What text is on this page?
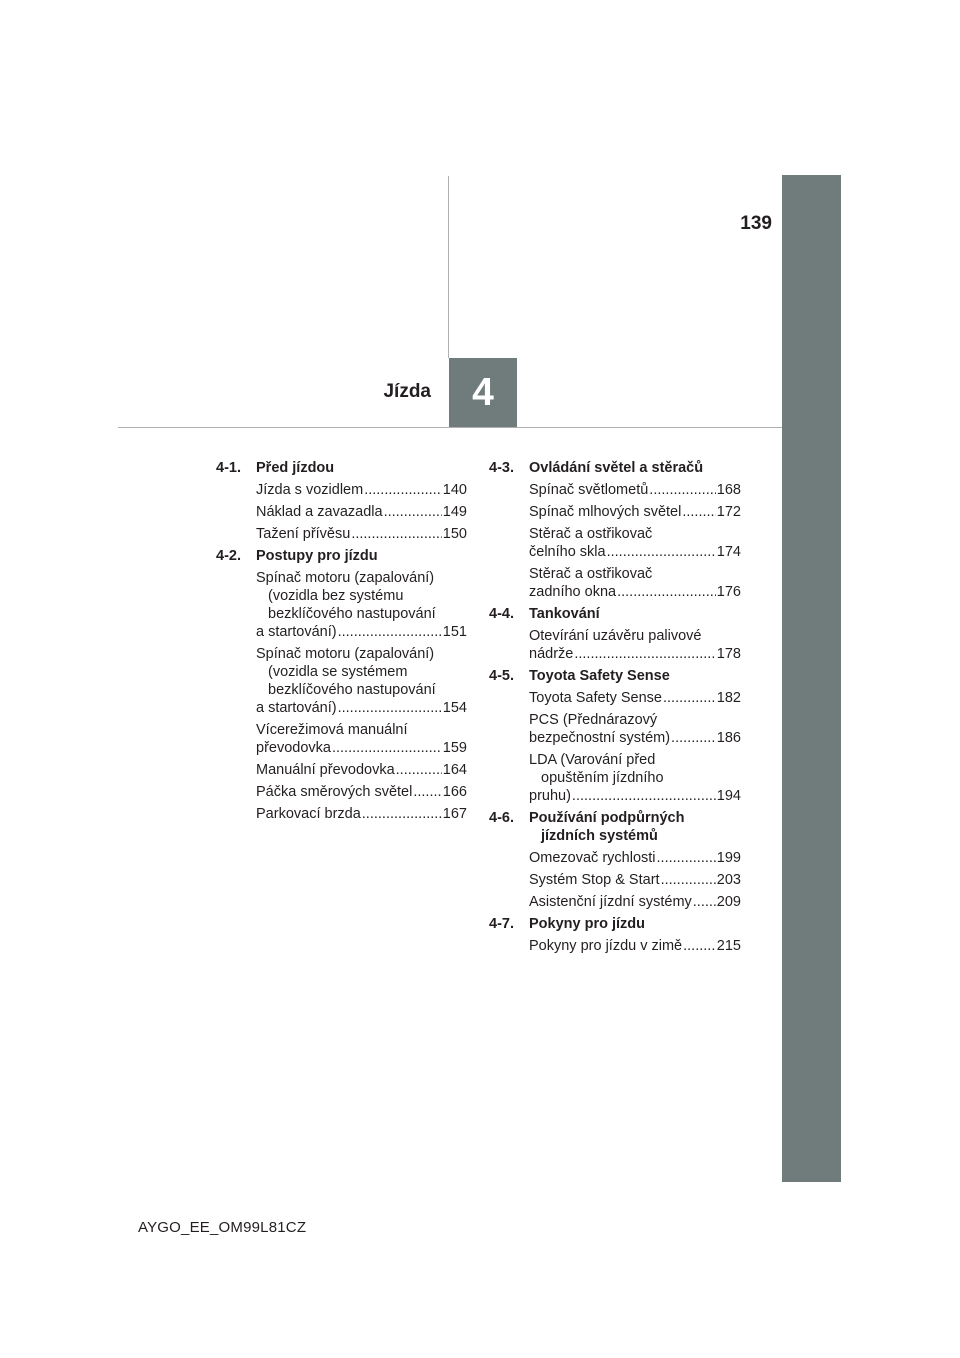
139
4
Jízda
4-1.	Před jízdou
Jízda s vozidlem .....	140
Náklad a zavazadla .....	149
Tažení přívěsu .....	150
4-2.	Postupy pro jízdu
Spínač motoru (zapalování)
(vozidla bez systému
bezklíčového nastupování
a startování) .....	151
Spínač motoru (zapalování)
(vozidla se systémem
bezklíčového nastupování
a startování) .....	154
Vícerežimová manuální
převodovka .....	159
Manuální převodovka .....	164
Páčka směrových světel ..... 166
Parkovací brzda .....	167
4-3.	Ovládání světel a stěračů
Spínač světlometů .....	168
Spínač mlhových světel ..... 172
Stěrač a ostřikovač
čelního skla .....	174
Stěrač a ostřikovač
zadního okna .....	176
4-4.	Tankování
Otevírání uzávěru palivové
nádrže .....	178
4-5.	Toyota Safety Sense
Toyota Safety Sense .....	182
PCS (Přednárazový
bezpečnostní systém) .....	186
LDA (Varování před
opuštěním jízdního
pruhu) .....	194
4-6.	Používání podpůrných
jízdních systémů
Omezovač rychlosti .....	199
Systém Stop & Start .....	203
Asistenční jízdní systémy ..... 209
4-7.	Pokyny pro jízdu
Pokyny pro jízdu v zimě ..... 215
AYGO_EE_OM99L81CZ
